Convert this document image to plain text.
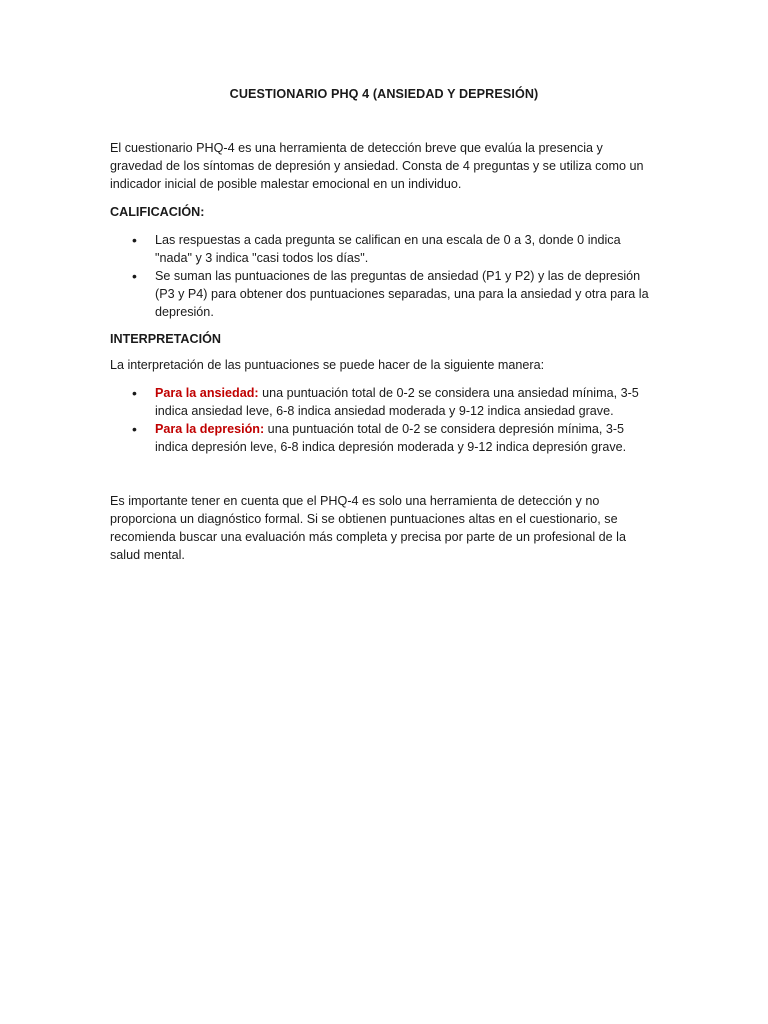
CUESTIONARIO PHQ 4 (ANSIEDAD Y DEPRESIÓN)
El cuestionario PHQ-4 es una herramienta de detección breve que evalúa la presencia y
gravedad de los síntomas de depresión y ansiedad. Consta de 4 preguntas y se utiliza como un
indicador inicial de posible malestar emocional en un individuo.
CALIFICACIÓN:
• Las respuestas a cada pregunta se califican en una escala de 0 a 3, donde 0 indica
"nada" y 3 indica "casi todos los días".
• Se suman las puntuaciones de las preguntas de ansiedad (P1 y P2) y las de depresión
(P3 y P4) para obtener dos puntuaciones separadas, una para la ansiedad y otra para la
depresión.
INTERPRETACIÓN
La interpretación de las puntuaciones se puede hacer de la siguiente manera:
• Para la ansiedad: una puntuación total de 0-2 se considera una ansiedad mínima, 3-5
indica ansiedad leve, 6-8 indica ansiedad moderada y 9-12 indica ansiedad grave.
• Para la depresión: una puntuación total de 0-2 se considera depresión mínima, 3-5
indica depresión leve, 6-8 indica depresión moderada y 9-12 indica depresión grave.
Es importante tener en cuenta que el PHQ-4 es solo una herramienta de detección y no
proporciona un diagnóstico formal. Si se obtienen puntuaciones altas en el cuestionario, se
recomienda buscar una evaluación más completa y precisa por parte de un profesional de la
salud mental.
